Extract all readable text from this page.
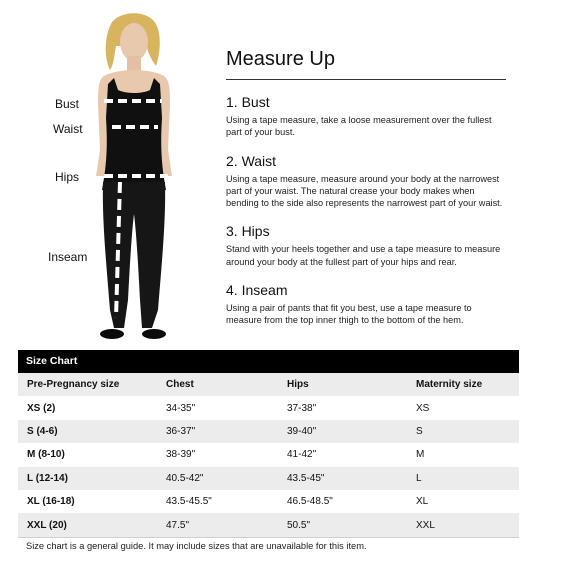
Bust
Waist
Hips
Inseam
Measure Up
1. Bust

Using a tape measure, take a loose measurement over the fullest part of your bust.

2. Waist

Using a tape measure, measure around your body at the narrowest part of your waist. The natural crease your body makes when bending to the side also represents the narrowest part of your waist.

3. Hips

Stand with your heels together and use a tape measure to measure around your body at the fullest part of your hips and rear.

4. Inseam

Using a pair of pants that fit you best, use a tape measure to measure from the top inner thigh to the bottom of the hem.

Size Chart
Pre-Pregnancy size	Chest	Hips	Maternity size
XS (2)	34-35"	37-38"	XS
S (4-6)	36-37"	39-40"	S
M (8-10)	38-39"	41-42"	M
L (12-14)	40.5-42"	43.5-45"	L
XL (16-18)	43.5-45.5"	46.5-48.5"	XL
XXL (20)	47.5"	50.5"	XXL
Size chart is a general guide. It may include sizes that are unavailable for this item.
